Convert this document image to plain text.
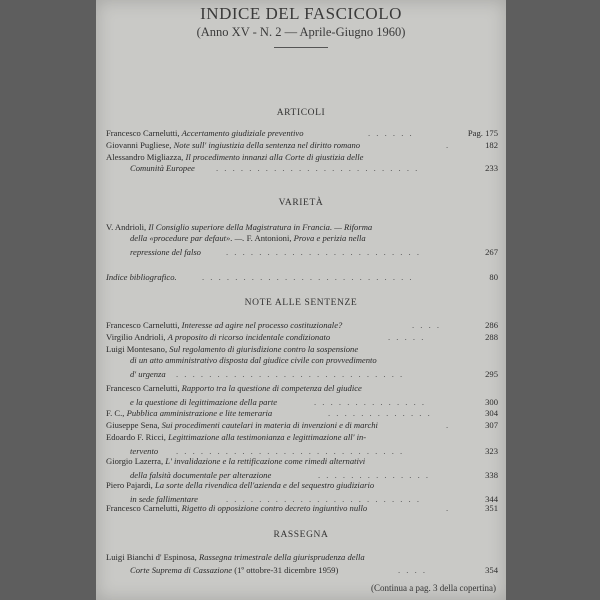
INDICE DEL FASCICOLO
(Anno XV - N. 2 — Aprile-Giugno 1960)
ARTICOLI
Francesco Carnelutti, Accertamento giudiziale preventivo	. . . . . .	Pag. 175
Giovanni Pugliese, Note sull' ingiustizia della sentenza nel diritto romano	.	182
Alessandro Migliazza, Il procedimento innanzi alla Corte di giustizia delle
Comunità Europee . . . . . . . . . . . . . . . . . . . . . . . . .	233
VARIETÀ
V. Andrioli, Il Consiglio superiore della Magistratura in Francia. — Riforma
della «procedure par defaut». —. F. Antonioni, Prova e perizia nella
repressione del falso	. . . . . . . . . . . . . . . . . . . . . . . .	267
Indice bibliografico.	. . . . . . . . . . . . . . . . . . . . . . . . . .	80
NOTE ALLE SENTENZE
Francesco Carnelutti, Interesse ad agire nel processo costituzionale?	. . . .	286
Virgilio Andrioli, A proposito di ricorso incidentale condizionato	. . . . .	288
Luigi Montesano, Sul regolamento di giurisdizione contro la sospensione
di un atto amministrativo disposta dal giudice civile con provvedimento
d' urgenza . . . . . . . . . . . . . . . . . . . . . . . . . . . .	295
Francesco Carnelutti, Rapporto tra la questione di competenza del giudice
e la questione di legittimazione della parte	. . . . . . . . . . . . . .	300
F. C., Pubblica amministrazione e lite temeraria	. . . . . . . . . . . . .	304
Giuseppe Sena, Sui procedimenti cautelari in materia di invenzioni e di marchi	.	307
Edoardo F. Ricci, Legittimazione alla testimonianza e legittimazione all' in-
tervento . . . . . . . . . . . . . . . . . . . . . . . . . . . .	323
Giorgio Lazerra, L' invalidazione e la rettificazione come rimedi alternativi
della falsità documentale per alterazione	. . . . . . . . . . . . . .	338
Piero Pajardi, La sorte della rivendica dell'azienda e del sequestro giudiziario
in sede fallimentare	. . . . . . . . . . . . . . . . . . . . . . . .	344
Francesco Carnelutti, Rigetto di opposizione contro decreto ingiuntivo nullo	.	351
RASSEGNA
Luigi Bianchi d' Espinosa, Rassegna trimestrale della giurisprudenza della
Corte Suprema di Cassazione (1º ottobre-31 dicembre 1959)	. . . .	354
(Continua a pag. 3 della copertina)
